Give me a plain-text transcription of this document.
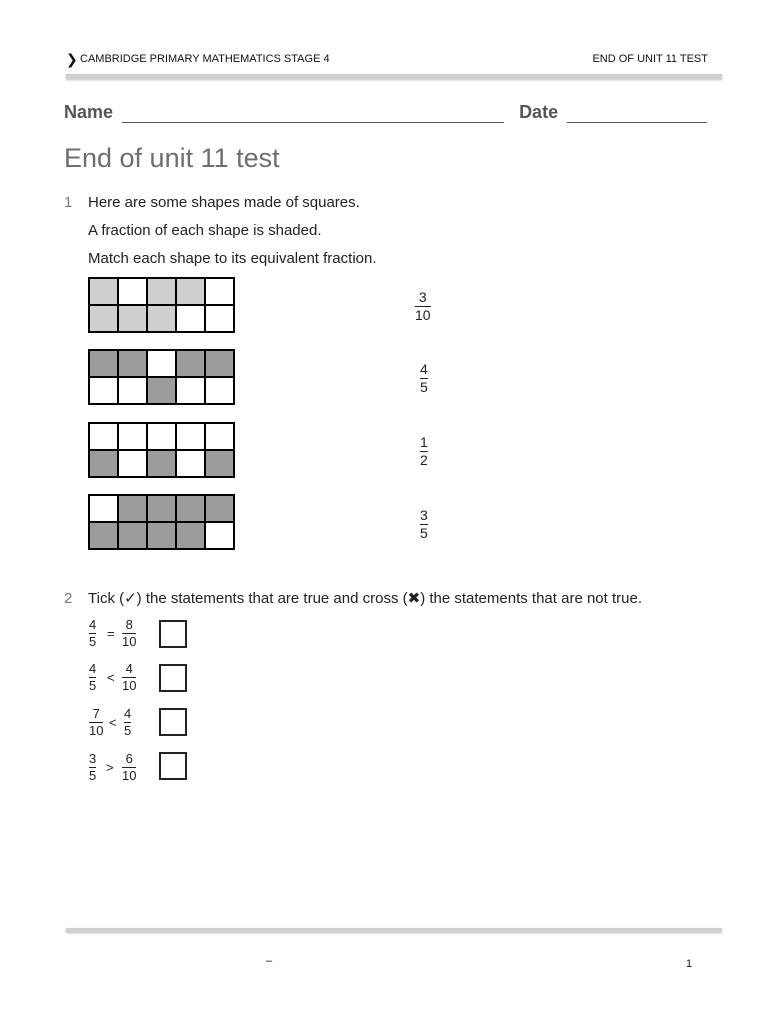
❯ CAMBRIDGE PRIMARY MATHEMATICS STAGE 4	END OF UNIT 11 TEST
Name	Date
End of unit 11 test
1 Here are some shapes made of squares.
A fraction of each shape is shaded.
Match each shape to its equivalent fraction.
3
10
4
5
1
2
3
5
2 Tick (✓) the statements that are true and cross (✖) the statements that are not true.
4
5
=
8
10
4
5
<
4
10
7
10
<
4
5
3
5
>
6
10
–	1
